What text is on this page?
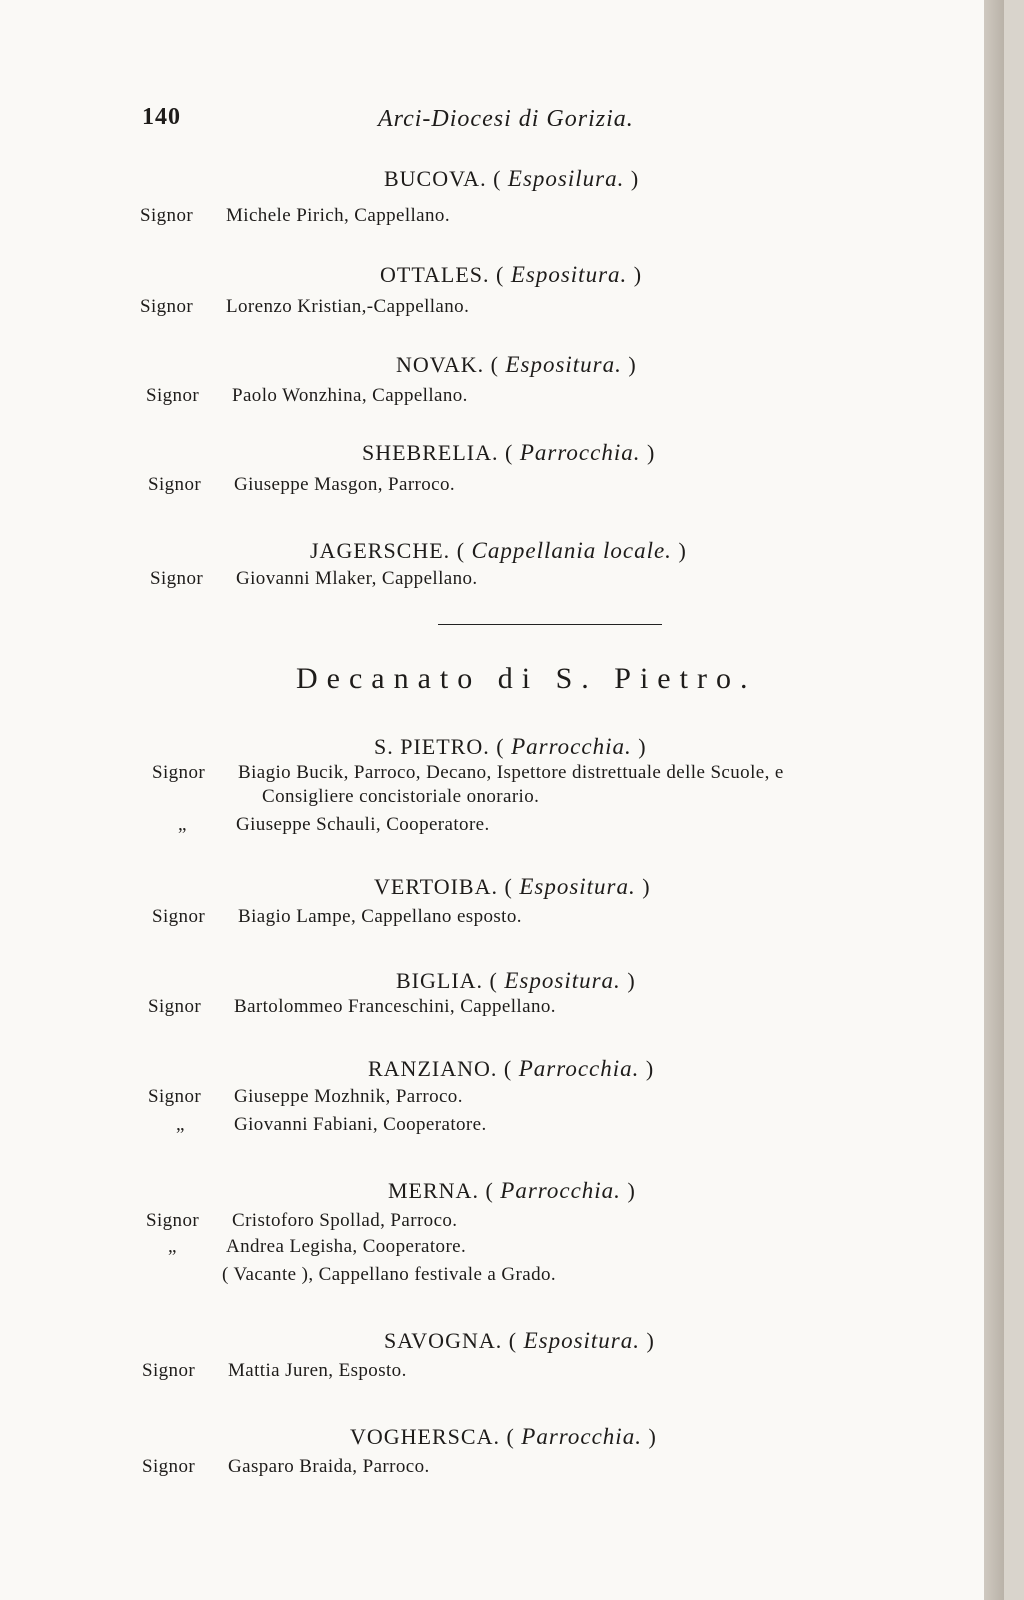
140	Arci-Diocesi di Gorizia.
BUCOVA. ( Esposilura. )
Signor Michele Pirich, Cappellano.
OTTALES. ( Espositura. )
Signor Lorenzo Kristian,-Cappellano.
NOVAK. ( Espositura. )
Signor Paolo Wonzhina, Cappellano.
SHEBRELIA. ( Parrocchia. )
Signor Giuseppe Masgon, Parroco.
JAGERSCHE. ( Cappellania locale. )
Signor Giovanni Mlaker, Cappellano.
Decanato di S. Pietro.
S. PIETRO. ( Parrocchia. )
Signor Biagio Bucik, Parroco, Decano, Ispettore distrettuale delle Scuole, e
Consigliere concistoriale onorario.
„	Giuseppe Schauli, Cooperatore.
VERTOIBA. ( Espositura. )
Signor Biagio Lampe, Cappellano esposto.
BIGLIA. ( Espositura. )
Signor Bartolommeo Franceschini, Cappellano.
RANZIANO. ( Parrocchia. )
Signor Giuseppe Mozhnik, Parroco.
„	Giovanni Fabiani, Cooperatore.
MERNA. ( Parrocchia. )
Signor Cristoforo Spollad, Parroco.
„	Andrea Legisha, Cooperatore.
( Vacante ), Cappellano festivale a Grado.
SAVOGNA. ( Espositura. )
Signor Mattia Juren, Esposto.
VOGHERSCA. ( Parrocchia. )
Signor Gasparo Braida, Parroco.
